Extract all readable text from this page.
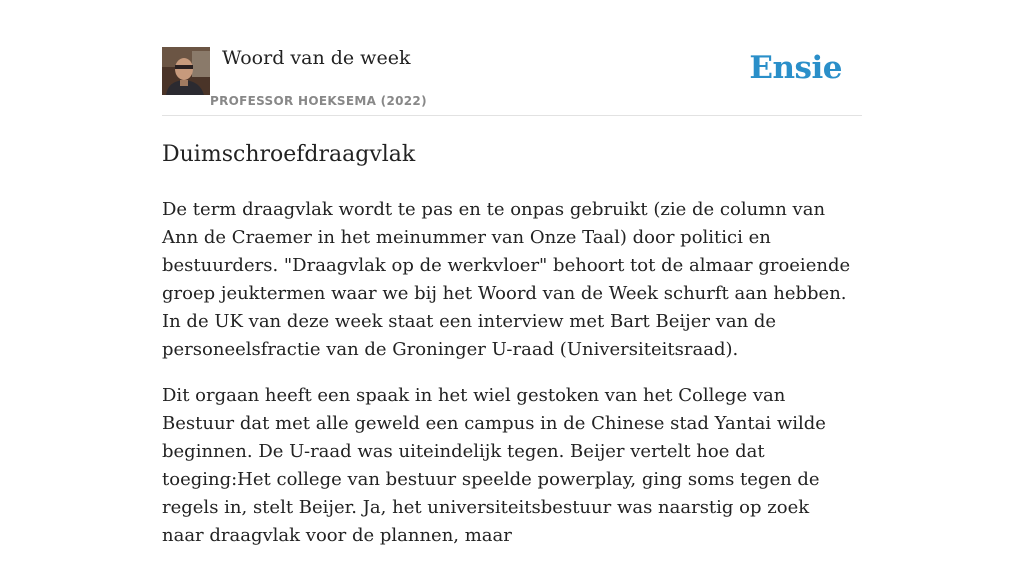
Woord van de week
PROFESSOR HOEKSEMA (2022)
Ensie
Duimschroefdraagvlak

De term draagvlak wordt te pas en te onpas gebruikt (zie de column van Ann de Craemer in het meinummer van Onze Taal) door politici en bestuurders. "Draagvlak op de werkvloer" behoort tot de almaar groeiende groep jeuktermen waar we bij het Woord van de Week schurft aan hebben. In de UK van deze week staat een interview met Bart Beijer van de personeelsfractie van de Groninger U-raad (Universiteitsraad).

Dit orgaan heeft een spaak in het wiel gestoken van het College van Bestuur dat met alle geweld een campus in de Chinese stad Yantai wilde beginnen. De U-raad was uiteindelijk tegen. Beijer vertelt hoe dat toeging:Het college van bestuur speelde powerplay, ging soms tegen de regels in, stelt Beijer. Ja, het universiteitsbestuur was naarstig op zoek naar draagvlak voor de plannen, maar
